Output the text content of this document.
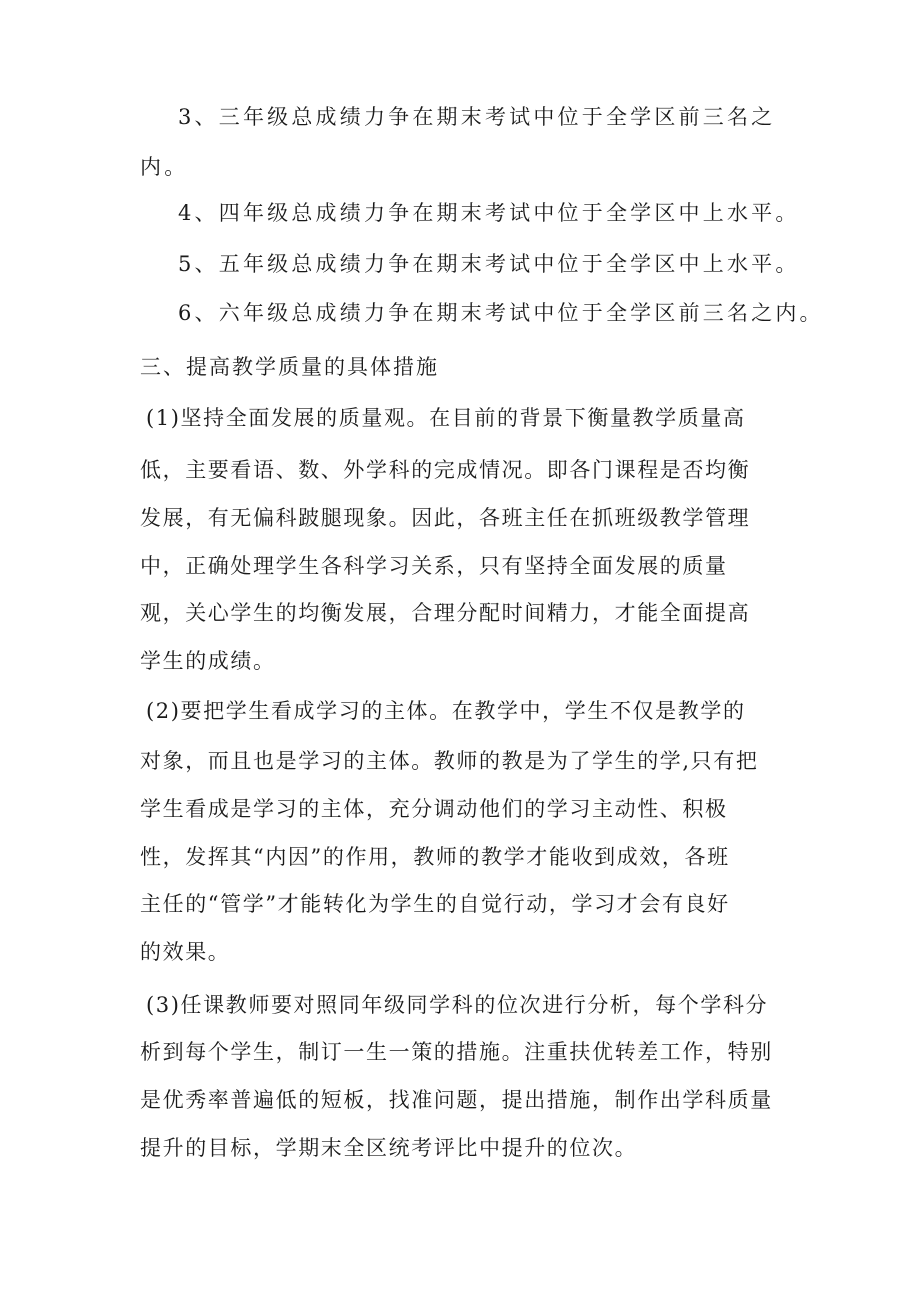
3、三年级总成绩力争在期末考试中位于全学区前三名之

内。

4、四年级总成绩力争在期末考试中位于全学区中上水平。

5、五年级总成绩力争在期末考试中位于全学区中上水平。

6、六年级总成绩力争在期末考试中位于全学区前三名之内。

三、提高教学质量的具体措施

(1)坚持全面发展的质量观。在目前的背景下衡量教学质量高

低，主要看语、数、外学科的完成情况。即各门课程是否均衡

发展，有无偏科跛腿现象。因此，各班主任在抓班级教学管理

中，正确处理学生各科学习关系，只有坚持全面发展的质量

观，关心学生的均衡发展，合理分配时间精力，才能全面提高

学生的成绩。

(2)要把学生看成学习的主体。在教学中，学生不仅是教学的

对象，而且也是学习的主体。教师的教是为了学生的学,只有把

学生看成是学习的主体，充分调动他们的学习主动性、积极

性，发挥其“内因”的作用，教师的教学才能收到成效，各班

主任的“管学”才能转化为学生的自觉行动，学习才会有良好

的效果。

(3)任课教师要对照同年级同学科的位次进行分析，每个学科分

析到每个学生，制订一生一策的措施。注重扶优转差工作，特别

是优秀率普遍低的短板，找准问题，提出措施，制作出学科质量

提升的目标，学期末全区统考评比中提升的位次。
